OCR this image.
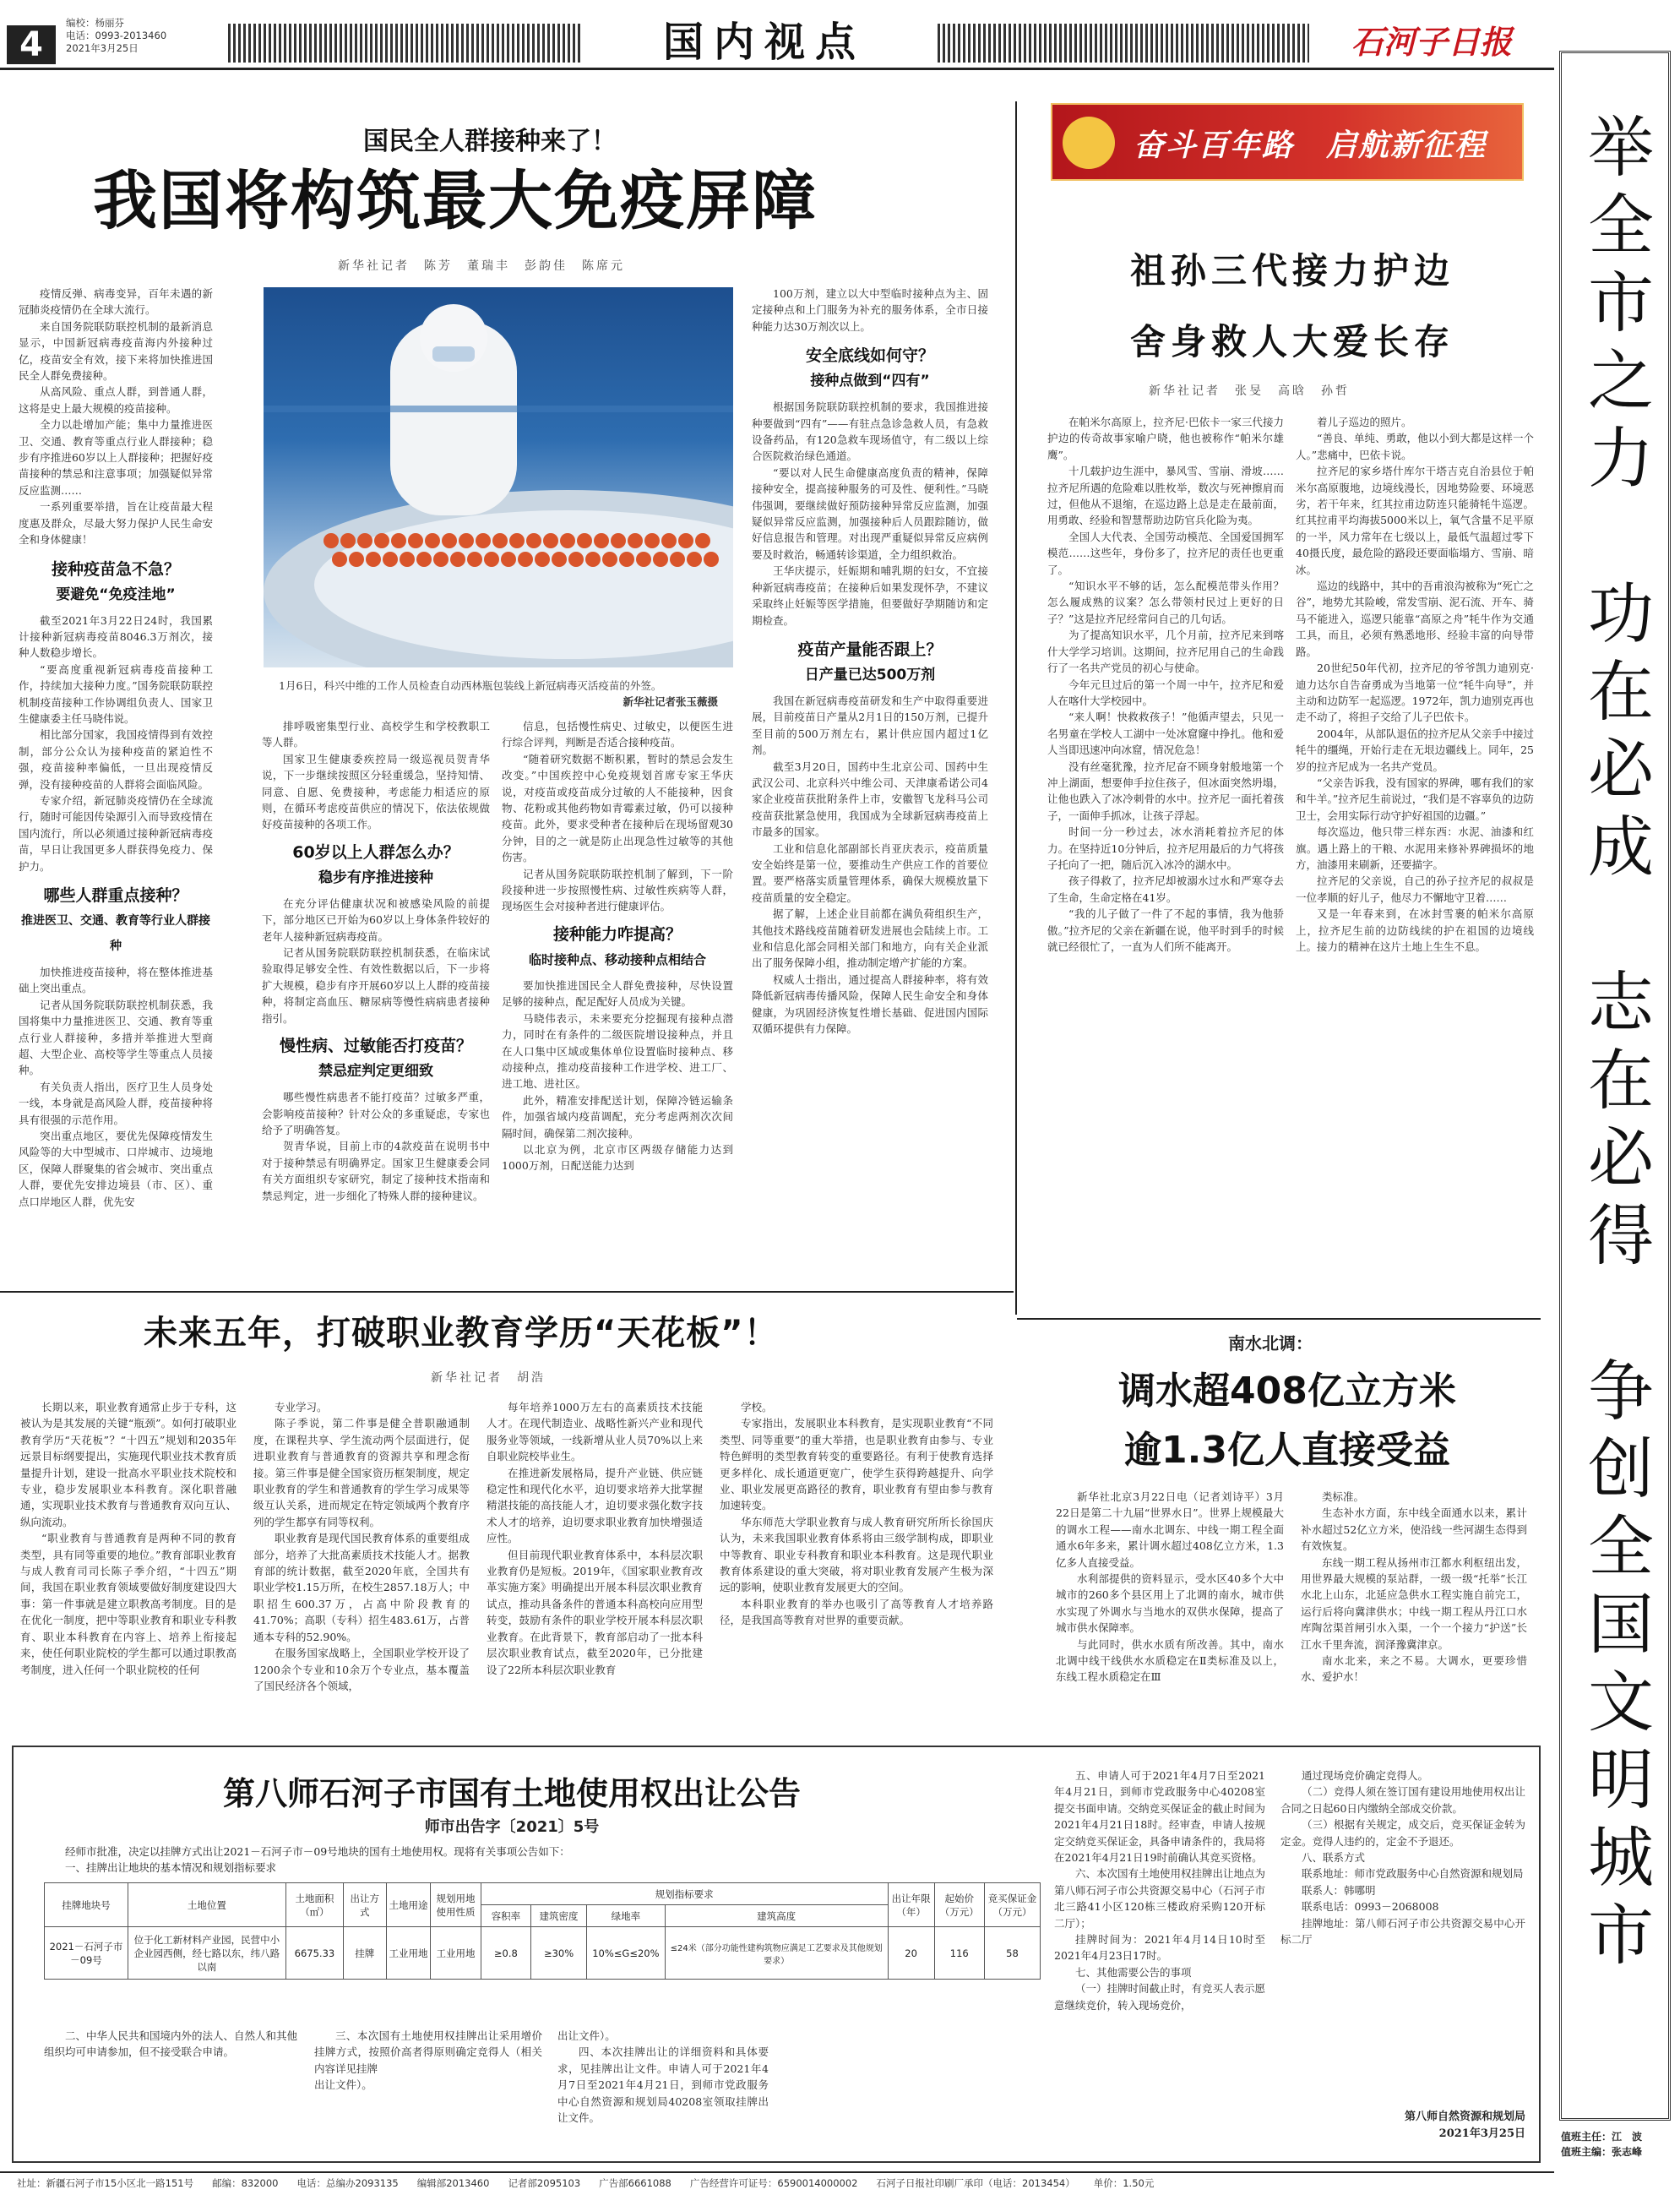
4
编校：杨丽芬
电话：0993-2013460
2021年3月25日	国内视点	石河子日报
国民全人群接种来了！
我国将构筑最大免疫屏障
新华社记者　陈芳　董瑞丰　彭韵佳　陈席元

疫情反弹、病毒变异，百年未遇的新冠肺炎疫情仍在全球大流行。

来自国务院联防联控机制的最新消息显示，中国新冠病毒疫苗海内外接种过亿，疫苗安全有效，接下来将加快推进国民全人群免费接种。

从高风险、重点人群，到普通人群，这将是史上最大规模的疫苗接种。

全力以赴增加产能；集中力量推进医卫、交通、教育等重点行业人群接种；稳步有序推进60岁以上人群接种；把握好疫苗接种的禁忌和注意事项；加强疑似异常反应监测……

一系列重要举措，旨在让疫苗最大程度惠及群众，尽最大努力保护人民生命安全和身体健康！

接种疫苗急不急？
要避免“免疫洼地”

截至2021年3月22日24时，我国累计接种新冠病毒疫苗8046.3万剂次，接种人数稳步增长。

“要高度重视新冠病毒疫苗接种工作，持续加大接种力度。”国务院联防联控机制疫苗接种工作协调组负责人、国家卫生健康委主任马晓伟说。

相比部分国家，我国疫情得到有效控制，部分公众认为接种疫苗的紧迫性不强，疫苗接种率偏低，一旦出现疫情反弹，没有接种疫苗的人群将会面临风险。

专家介绍，新冠肺炎疫情仍在全球流行，随时可能因传染源引入而导致疫情在国内流行，所以必须通过接种新冠病毒疫苗，早日让我国更多人群获得免疫力、保护力。

哪些人群重点接种？
推进医卫、交通、教育等行业人群接种

加快推进疫苗接种，将在整体推进基础上突出重点。

记者从国务院联防联控机制获悉，我国将集中力量推进医卫、交通、教育等重点行业人群接种，多措并举推进大型商超、大型企业、高校等学生等重点人员接种。

有关负责人指出，医疗卫生人员身处一线，本身就是高风险人群，疫苗接种将具有很强的示范作用。

突出重点地区，要优先保障疫情发生风险等的大中型城市、口岸城市、边境地区，保障人群聚集的省会城市、突出重点人群，要优先安排边境县（市、区）、重点口岸地区人群，优先安

1月6日，科兴中维的工作人员检查自动西林瓶包装线上新冠病毒灭活疫苗的外签。
新华社记者张玉薇摄

排呼吸密集型行业、高校学生和学校教职工等人群。

国家卫生健康委疾控局一级巡视员贺青华说，下一步继续按照区分轻重缓急，坚持知情、同意、自愿、免费接种，考虑能力相适应的原则，在循环考虑疫苗供应的情况下，依法依规做好疫苗接种的各项工作。

60岁以上人群怎么办？
稳步有序推进接种

在充分评估健康状况和被感染风险的前提下，部分地区已开始为60岁以上身体条件较好的老年人接种新冠病毒疫苗。

记者从国务院联防联控机制获悉，在临床试验取得足够安全性、有效性数据以后，下一步将扩大规模，稳步有序开展60岁以上人群的疫苗接种，将制定高血压、糖尿病等慢性病病患者接种指引。

慢性病、过敏能否打疫苗？
禁忌症判定更细致

哪些慢性病患者不能打疫苗？过敏多严重，会影响疫苗接种？针对公众的多重疑虑，专家也给予了明确答复。

贺青华说，目前上市的4款疫苗在说明书中对于接种禁忌有明确界定。国家卫生健康委会同有关方面组织专家研究，制定了接种技术指南和禁忌判定，进一步细化了特殊人群的接种建议。

信息，包括慢性病史、过敏史，以便医生进行综合评判，判断是否适合接种疫苗。

“随着研究数据不断积累，暂时的禁忌会发生改变。”中国疾控中心免疫规划首席专家王华庆说，对疫苗或疫苗成分过敏的人不能接种，因食物、花粉或其他药物如青霉素过敏，仍可以接种疫苗。此外，要求受种者在接种后在现场留观30分钟，目的之一就是防止出现急性过敏等的其他伤害。

记者从国务院联防联控机制了解到，下一阶段接种进一步按照慢性病、过敏性疾病等人群，现场医生会对接种者进行健康评估。

接种能力咋提高？
临时接种点、移动接种点相结合

要加快推进国民全人群免费接种，尽快设置足够的接种点，配足配好人员成为关键。

马晓伟表示，未来要充分挖掘现有接种点潜力，同时在有条件的二级医院增设接种点，并且在人口集中区域或集体单位设置临时接种点、移动接种点，推动疫苗接种工作进学校、进工厂、进工地、进社区。

此外，精准安排配送计划，保障冷链运输条件，加强省域内疫苗调配，充分考虑两剂次次间隔时间，确保第二剂次接种。

以北京为例，北京市区两级存储能力达到1000万剂，日配送能力达到

100万剂，建立以大中型临时接种点为主、固定接种点和上门服务为补充的服务体系，全市日接种能力达30万剂次以上。

安全底线如何守？
接种点做到“四有”

根据国务院联防联控机制的要求，我国推进接种要做到“四有”——有驻点急诊急救人员，有急救设备药品，有120急救车现场值守，有二级以上综合医院救治绿色通道。

“要以对人民生命健康高度负责的精神，保障接种安全，提高接种服务的可及性、便利性。”马晓伟强调，要继续做好预防接种异常反应监测，加强疑似异常反应监测，加强接种后人员跟踪随访，做好信息报告和管理。对出现严重疑似异常反应病例要及时救治，畅通转诊渠道，全力组织救治。

王华庆提示，妊娠期和哺乳期的妇女，不宜接种新冠病毒疫苗；在接种后如果发现怀孕，不建议采取终止妊娠等医学措施，但要做好孕期随访和定期检查。

疫苗产量能否跟上？
日产量已达500万剂

我国在新冠病毒疫苗研发和生产中取得重要进展，目前疫苗日产量从2月1日的150万剂，已提升至目前的500万剂左右，累计供应国内超过1亿剂。

截至3月20日，国药中生北京公司、国药中生武汉公司、北京科兴中维公司、天津康希诺公司4家企业疫苗获批附条件上市，安徽智飞龙科马公司疫苗获批紧急使用，我国成为全球新冠病毒疫苗上市最多的国家。

工业和信息化部副部长肖亚庆表示，疫苗质量安全始终是第一位，要推动生产供应工作的首要位置。要严格落实质量管理体系，确保大规模放量下疫苗质量的安全稳定。

据了解，上述企业目前都在满负荷组织生产，其他技术路线疫苗随着研发进展也会陆续上市。工业和信息化部会同相关部门和地方，向有关企业派出了服务保障小组，推动制定增产扩能的方案。

权威人士指出，通过提高人群接种率，将有效降低新冠病毒传播风险，保障人民生命安全和身体健康，为巩固经济恢复性增长基础、促进国内国际双循环提供有力保障。

奋斗百年路　启航新征程
祖孙三代接力护边
舍身救人大爱长存
新华社记者　张旻　高晗　孙哲

在帕米尔高原上，拉齐尼·巴依卡一家三代接力护边的传奇故事家喻户晓，他也被称作“帕米尔雄鹰”。

十几载护边生涯中，暴风雪、雪崩、滑坡……拉齐尼所遇的危险难以胜枚举，数次与死神擦肩而过，但他从不退缩，在巡边路上总是走在最前面，用勇敢、经验和智慧帮助边防官兵化险为夷。

全国人大代表、全国劳动模范、全国爱国拥军模范……这些年，身份多了，拉齐尼的责任也更重了。

“知识水平不够的话，怎么配模范带头作用？怎么履成熟的议案？怎么带领村民过上更好的日子？”这是拉齐尼经常问自己的几句话。

为了提高知识水平，几个月前，拉齐尼来到喀什大学学习培训。这期间，拉齐尼用自己的生命践行了一名共产党员的初心与使命。

今年元旦过后的第一个周一中午，拉齐尼和爱人在喀什大学校园中。

“来人啊！快救救孩子！”他循声望去，只见一名男童在学校人工湖中一处冰窟窿中挣扎。他和爱人当即迅速冲向冰窟，情况危急！

没有丝毫犹豫，拉齐尼奋不顾身射般地第一个冲上湖面，想要伸手拉住孩子，但冰面突然坍塌，让他也跌入了冰冷刺骨的水中。拉齐尼一面托着孩子，一面伸手抓冰，让孩子浮起。

时间一分一秒过去，冰水消耗着拉齐尼的体力。在坚持近10分钟后，拉齐尼用最后的力气将孩子托向了一把，随后沉入冰冷的湖水中。

孩子得救了，拉齐尼却被溺水过水和严寒夺去了生命，生命定格在41岁。

“我的儿子做了一件了不起的事情，我为他骄傲。”拉齐尼的父亲在新疆在说，他平时到手的时候就已经很忙了，一直为人们所不能离开。

着儿子巡边的照片。

“善良、单纯、勇敢，他以小到大都是这样一个人。”悲痛中，巴依卡说。

拉齐尼的家乡塔什库尔干塔吉克自治县位于帕米尔高原腹地，边境线漫长，因地势险要、环境恶劣，若干年来，红其拉甫边防连只能骑牦牛巡逻。红其拉甫平均海拔5000米以上，氧气含量不足平原的一半，风力常年在七级以上，最低气温超过零下40摄氏度，最危险的路段还要面临塌方、雪崩、暗冰。

巡边的线路中，其中的吾甫浪沟被称为“死亡之谷”，地势尤其险峻，常发雪崩、泥石流、开车、骑马不能进入，巡逻只能靠“高原之舟”牦牛作为交通工具，而且，必须有熟悉地形、经验丰富的向导带路。

20世纪50年代初，拉齐尼的爷爷凯力迪别克·迪力达尔自告奋勇成为当地第一位“牦牛向导”，并主动和边防军一起巡逻。1972年，凯力迪别克再也走不动了，将担子交给了儿子巴依卡。

2004年，从部队退伍的拉齐尼从父亲手中接过牦牛的缰绳，开始行走在无垠边疆线上。同年，25岁的拉齐尼成为一名共产党员。

“父亲告诉我，没有国家的界碑，哪有我们的家和牛羊。”拉齐尼生前说过，“我们是不容辜负的边防卫士，会用实际行动守护好祖国的边疆。”

每次巡边，他只带三样东西：水泥、油漆和红旗。遇上路上的干粮、水泥用来修补界碑损坏的地方，油漆用来刷新，还要描字。

拉齐尼的父亲说，自己的孙子拉齐尼的叔叔是一位孝顺的好儿子，他尽力不懈地守卫着……

又是一年春来到，在冰封雪裹的帕米尔高原上，拉齐尼生前的边防线续的护在祖国的边境线上。接力的精神在这片土地上生生不息。

未来五年，打破职业教育学历“天花板”！
新华社记者　胡浩

长期以来，职业教育通常止步于专科，这被认为是其发展的关键“瓶颈”。如何打破职业教育学历“天花板”？“十四五”规划和2035年远景目标纲要提出，实施现代职业技术教育质量提升计划，建设一批高水平职业技术院校和专业，稳步发展职业本科教育。深化职普融通，实现职业技术教育与普通教育双向互认、纵向流动。

“职业教育与普通教育是两种不同的教育类型，具有同等重要的地位。”教育部职业教育与成人教育司司长陈子季介绍，“十四五”期间，我国在职业教育领域要做好制度建设四大事：第一件事就是建立职教高考制度。目的是在优化一制度，把中等职业教育和职业专科教育、职业本科教育在内容上、培养上衔接起来，使任何职业院校的学生都可以通过职教高考制度，进入任何一个职业院校的任何

专业学习。

陈子季说，第二件事是健全普职融通制度，在课程共享、学生流动两个层面进行，促进职业教育与普通教育的资源共享和理念衔接。第三件事是健全国家资历框架制度，规定职业教育的学生和普通教育的学生学习成果等级互认关系，进而规定在特定领域两个教育序列的学生都享有同等权利。

职业教育是现代国民教育体系的重要组成部分，培养了大批高素质技术技能人才。据教育部的统计数据，截至2020年底，全国共有职业学校1.15万所，在校生2857.18万人；中职招生600.37万，占高中阶段教育的41.70%；高职（专科）招生483.61万，占普通本专科的52.90%。

在服务国家战略上，全国职业学校开设了1200余个专业和10余万个专业点，基本覆盖了国民经济各个领域，

每年培养1000万左右的高素质技术技能人才。在现代制造业、战略性新兴产业和现代服务业等领域，一线新增从业人员70%以上来自职业院校毕业生。

在推进新发展格局，提升产业链、供应链稳定性和现代化水平，迫切要求培养大批掌握精湛技能的高技能人才，迫切要求强化数字技术人才的培养，迫切要求职业教育加快增强适应性。

但目前现代职业教育体系中，本科层次职业教育仍是短板。2019年，《国家职业教育改革实施方案》明确提出开展本科层次职业教育试点，推动具备条件的普通本科高校向应用型转变，鼓励有条件的职业学校开展本科层次职业教育。在此背景下，教育部启动了一批本科层次职业教育试点，截至2020年，已分批建设了22所本科层次职业教育

学校。

专家指出，发展职业本科教育，是实现职业教育“不同类型、同等重要”的重大举措，也是职业教育由参与、专业特色鲜明的类型教育转变的重要路径。有利于使教育选择更多样化、成长通道更宽广，使学生获得跨越提升、向学业、职业发展更高路径的教育，职业教育有望由参与教育加速转变。

华东师范大学职业教育与成人教育研究所所长徐国庆认为，未来我国职业教育体系将由三级学制构成，即职业中等教育、职业专科教育和职业本科教育。这是现代职业教育体系建设的重大突破，将对职业教育发展产生极为深远的影响，使职业教育发展更大的空间。

本科职业教育的举办也吸引了高等教育人才培养路径，是我国高等教育对世界的重要贡献。

南水北调：
调水超408亿立方米
逾1.3亿人直接受益

新华社北京3月22日电（记者刘诗平）3月22日是第二十九届“世界水日”。世界上规模最大的调水工程——南水北调东、中线一期工程全面通水6年多来，累计调水超过408亿立方米，1.3亿多人直接受益。

水利部提供的资料显示，受水区40多个大中城市的260多个县区用上了北调的南水，城市供水实现了外调水与当地水的双供水保障，提高了城市供水保障率。

与此同时，供水水质有所改善。其中，南水北调中线干线供水水质稳定在Ⅱ类标准及以上，东线工程水质稳定在Ⅲ

类标准。

生态补水方面，东中线全面通水以来，累计补水超过52亿立方米，使沿线一些河湖生态得到有效恢复。

东线一期工程从扬州市江都水利枢纽出发，用世界最大规模的泵站群，一级一级“托举”长江水北上山东，北延应急供水工程实施自前完工，运行后将向冀津供水；中线一期工程从丹江口水库陶岔渠首闸引水入渠，一个一个接力“护送”长江水千里奔流，润泽豫冀津京。

南水北来，来之不易。大调水，更要珍惜水、爱护水！

第八师石河子市国有土地使用权出让公告
师市出告字〔2021〕5号
经师市批准，决定以挂牌方式出让2021－石河子市－09号地块的国有土地使用权。现将有关事项公告如下：
一、挂牌出让地块的基本情况和规划指标要求
挂牌地块号	土地位置	土地面积（㎡）	出让方式	土地用途	规划用地使用性质	规划指标要求				出让年限（年）	起始价（万元）	竞买保证金（万元）
						容积率	建筑密度	绿地率	建筑高度			
2021－石河子市－09号	位于化工新材料产业园，民营中小企业园西侧，经七路以东，纬八路以南	6675.33	挂牌	工业用地	工业用地	≥0.8	≥30%	10%≤G≤20%	≤24米（部分功能性建构筑物应满足工艺要求及其他规划要求）	20	116	58

二、中华人民共和国境内外的法人、自然人和其他组织均可申请参加，但不接受联合申请。

三、本次国有土地使用权挂牌出让采用增价挂牌方式，按照价高者得原则确定竞得人（相关内容详见挂牌

出让文件）。
出让文件）。

四、本次挂牌出让的详细资料和具体要求，见挂牌出让文件。申请人可于2021年4月7日至2021年4月21日，到师市党政服务中心自然资源和规划局40208室领取挂牌出让文件。

五、申请人可于2021年4月7日至2021年4月21日，到师市党政服务中心40208室提交书面申请。交纳竞买保证金的截止时间为2021年4月21日18时。经审查，申请人按规定交纳竞买保证金，具备申请条件的，我局将在2021年4月21日19时前确认其竞买资格。

六、本次国有土地使用权挂牌出让地点为第八师石河子市公共资源交易中心（石河子市北三路41小区120栋三楼政府采购120开标二厅）；

挂牌时间为：2021年4月14日10时至2021年4月23日17时。

七、其他需要公告的事项

（一）挂牌时间截止时，有竞买人表示愿意继续竞价，转入现场竞价，

通过现场竞价确定竞得人。

（二）竞得人须在签订国有建设用地使用权出让合同之日起60日内缴纳全部成交价款。

（三）根据有关规定，成交后，竞买保证金转为定金。竞得人违约的，定金不予退还。

八、联系方式

联系地址：师市党政服务中心自然资源和规划局

联系人：韩哪明

联系电话：0993－2068008

挂牌地址：第八师石河子市公共资源交易中心开标二厅

第八师自然资源和规划局
2021年3月25日
举全市之力　功在必成　志在必得　争创全国文明城市
值班主任：江　波
值班主编：张志峰
社址：新疆石河子市15小区北一路151号 邮编：832000 电话：总编办2093135 编辑部2013460 记者部2095103 广告部6661088 广告经营许可证号：6590014000002 石河子日报社印刷厂承印（电话：2013454） 单价：1.50元
